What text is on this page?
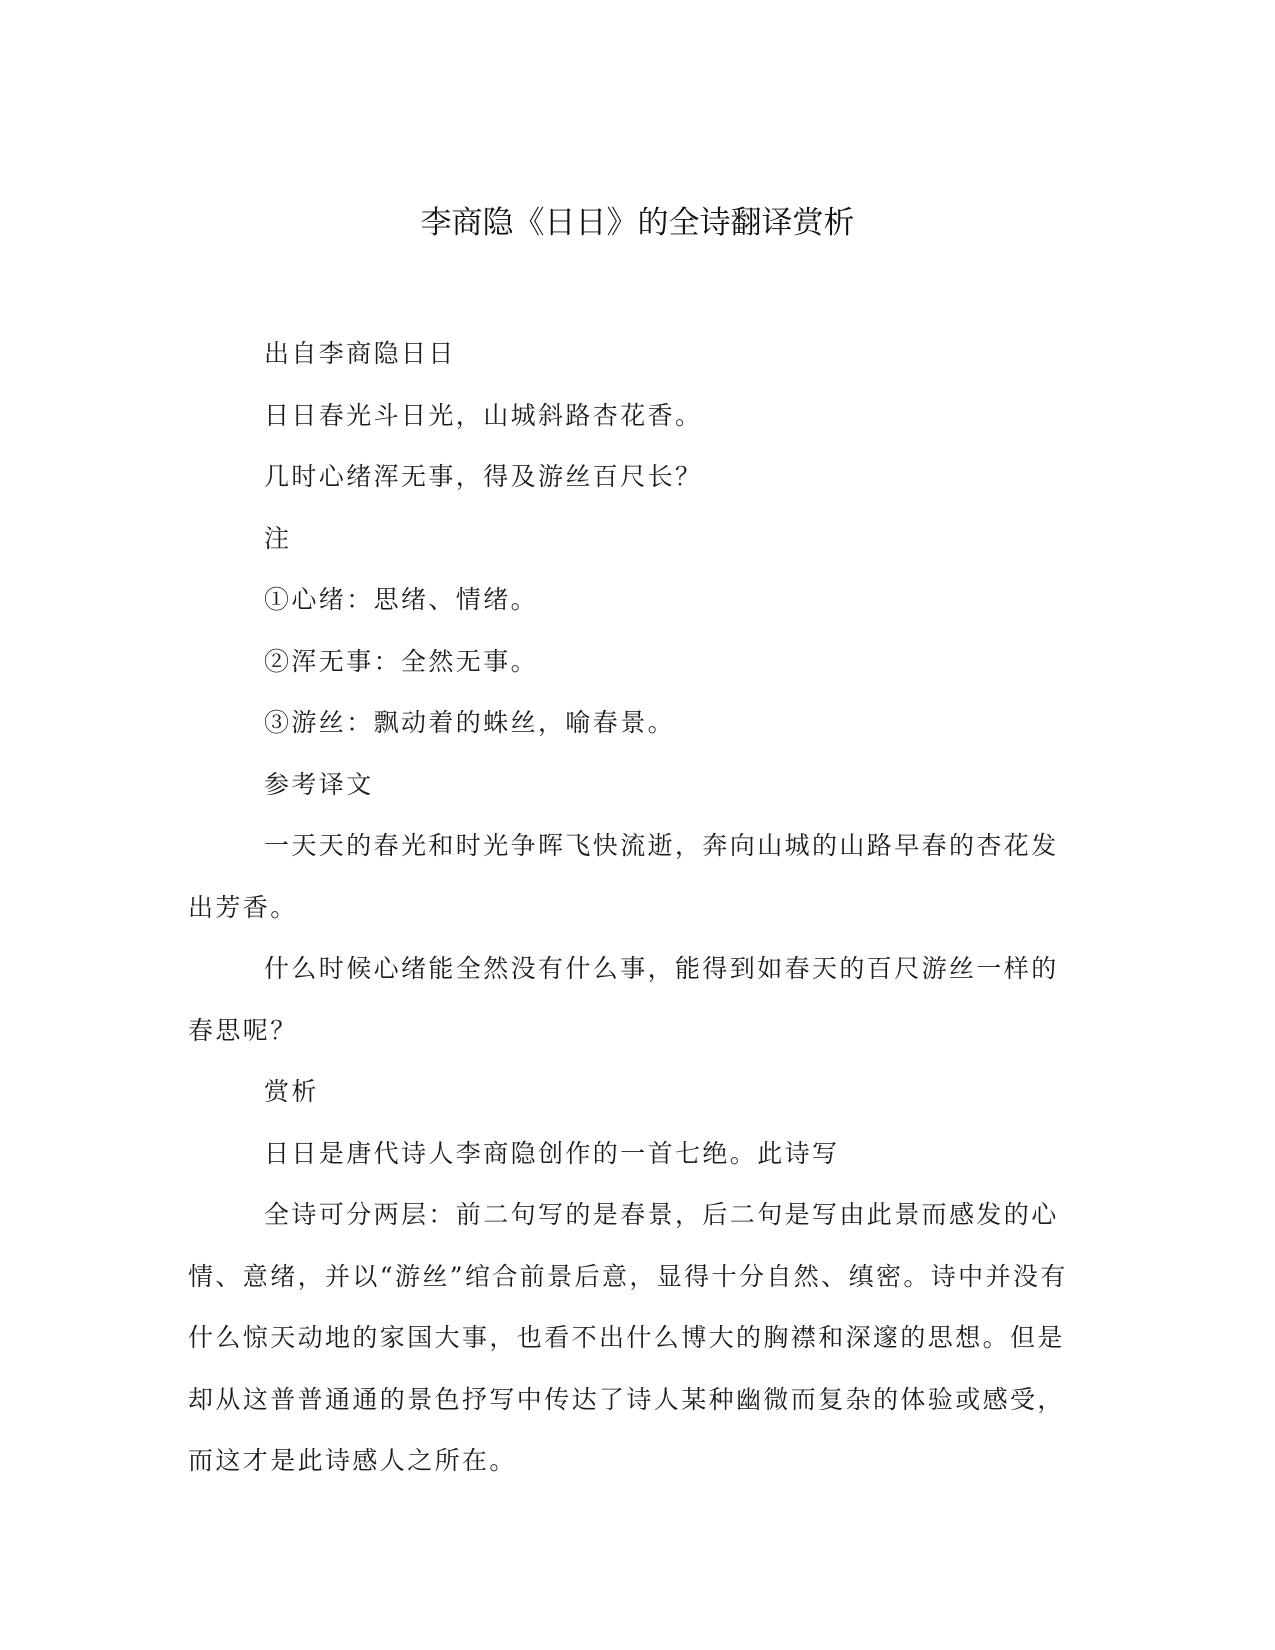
李商隐《日日》的全诗翻译赏析

出自李商隐日日

日日春光斗日光，山城斜路杏花香。

几时心绪浑无事，得及游丝百尺长？

注

①心绪：思绪、情绪。

②浑无事：全然无事。

③游丝：飘动着的蛛丝，喻春景。

参考译文

一天天的春光和时光争晖飞快流逝，奔向山城的山路早春的杏花发出芳香。

什么时候心绪能全然没有什么事，能得到如春天的百尺游丝一样的春思呢？

赏析

日日是唐代诗人李商隐创作的一首七绝。此诗写

全诗可分两层：前二句写的是春景，后二句是写由此景而感发的心情、意绪，并以“游丝”绾合前景后意，显得十分自然、缜密。诗中并没有什么惊天动地的家国大事，也看不出什么博大的胸襟和深邃的思想。但是却从这普普通通的景色抒写中传达了诗人某种幽微而复杂的体验或感受，而这才是此诗感人之所在。
